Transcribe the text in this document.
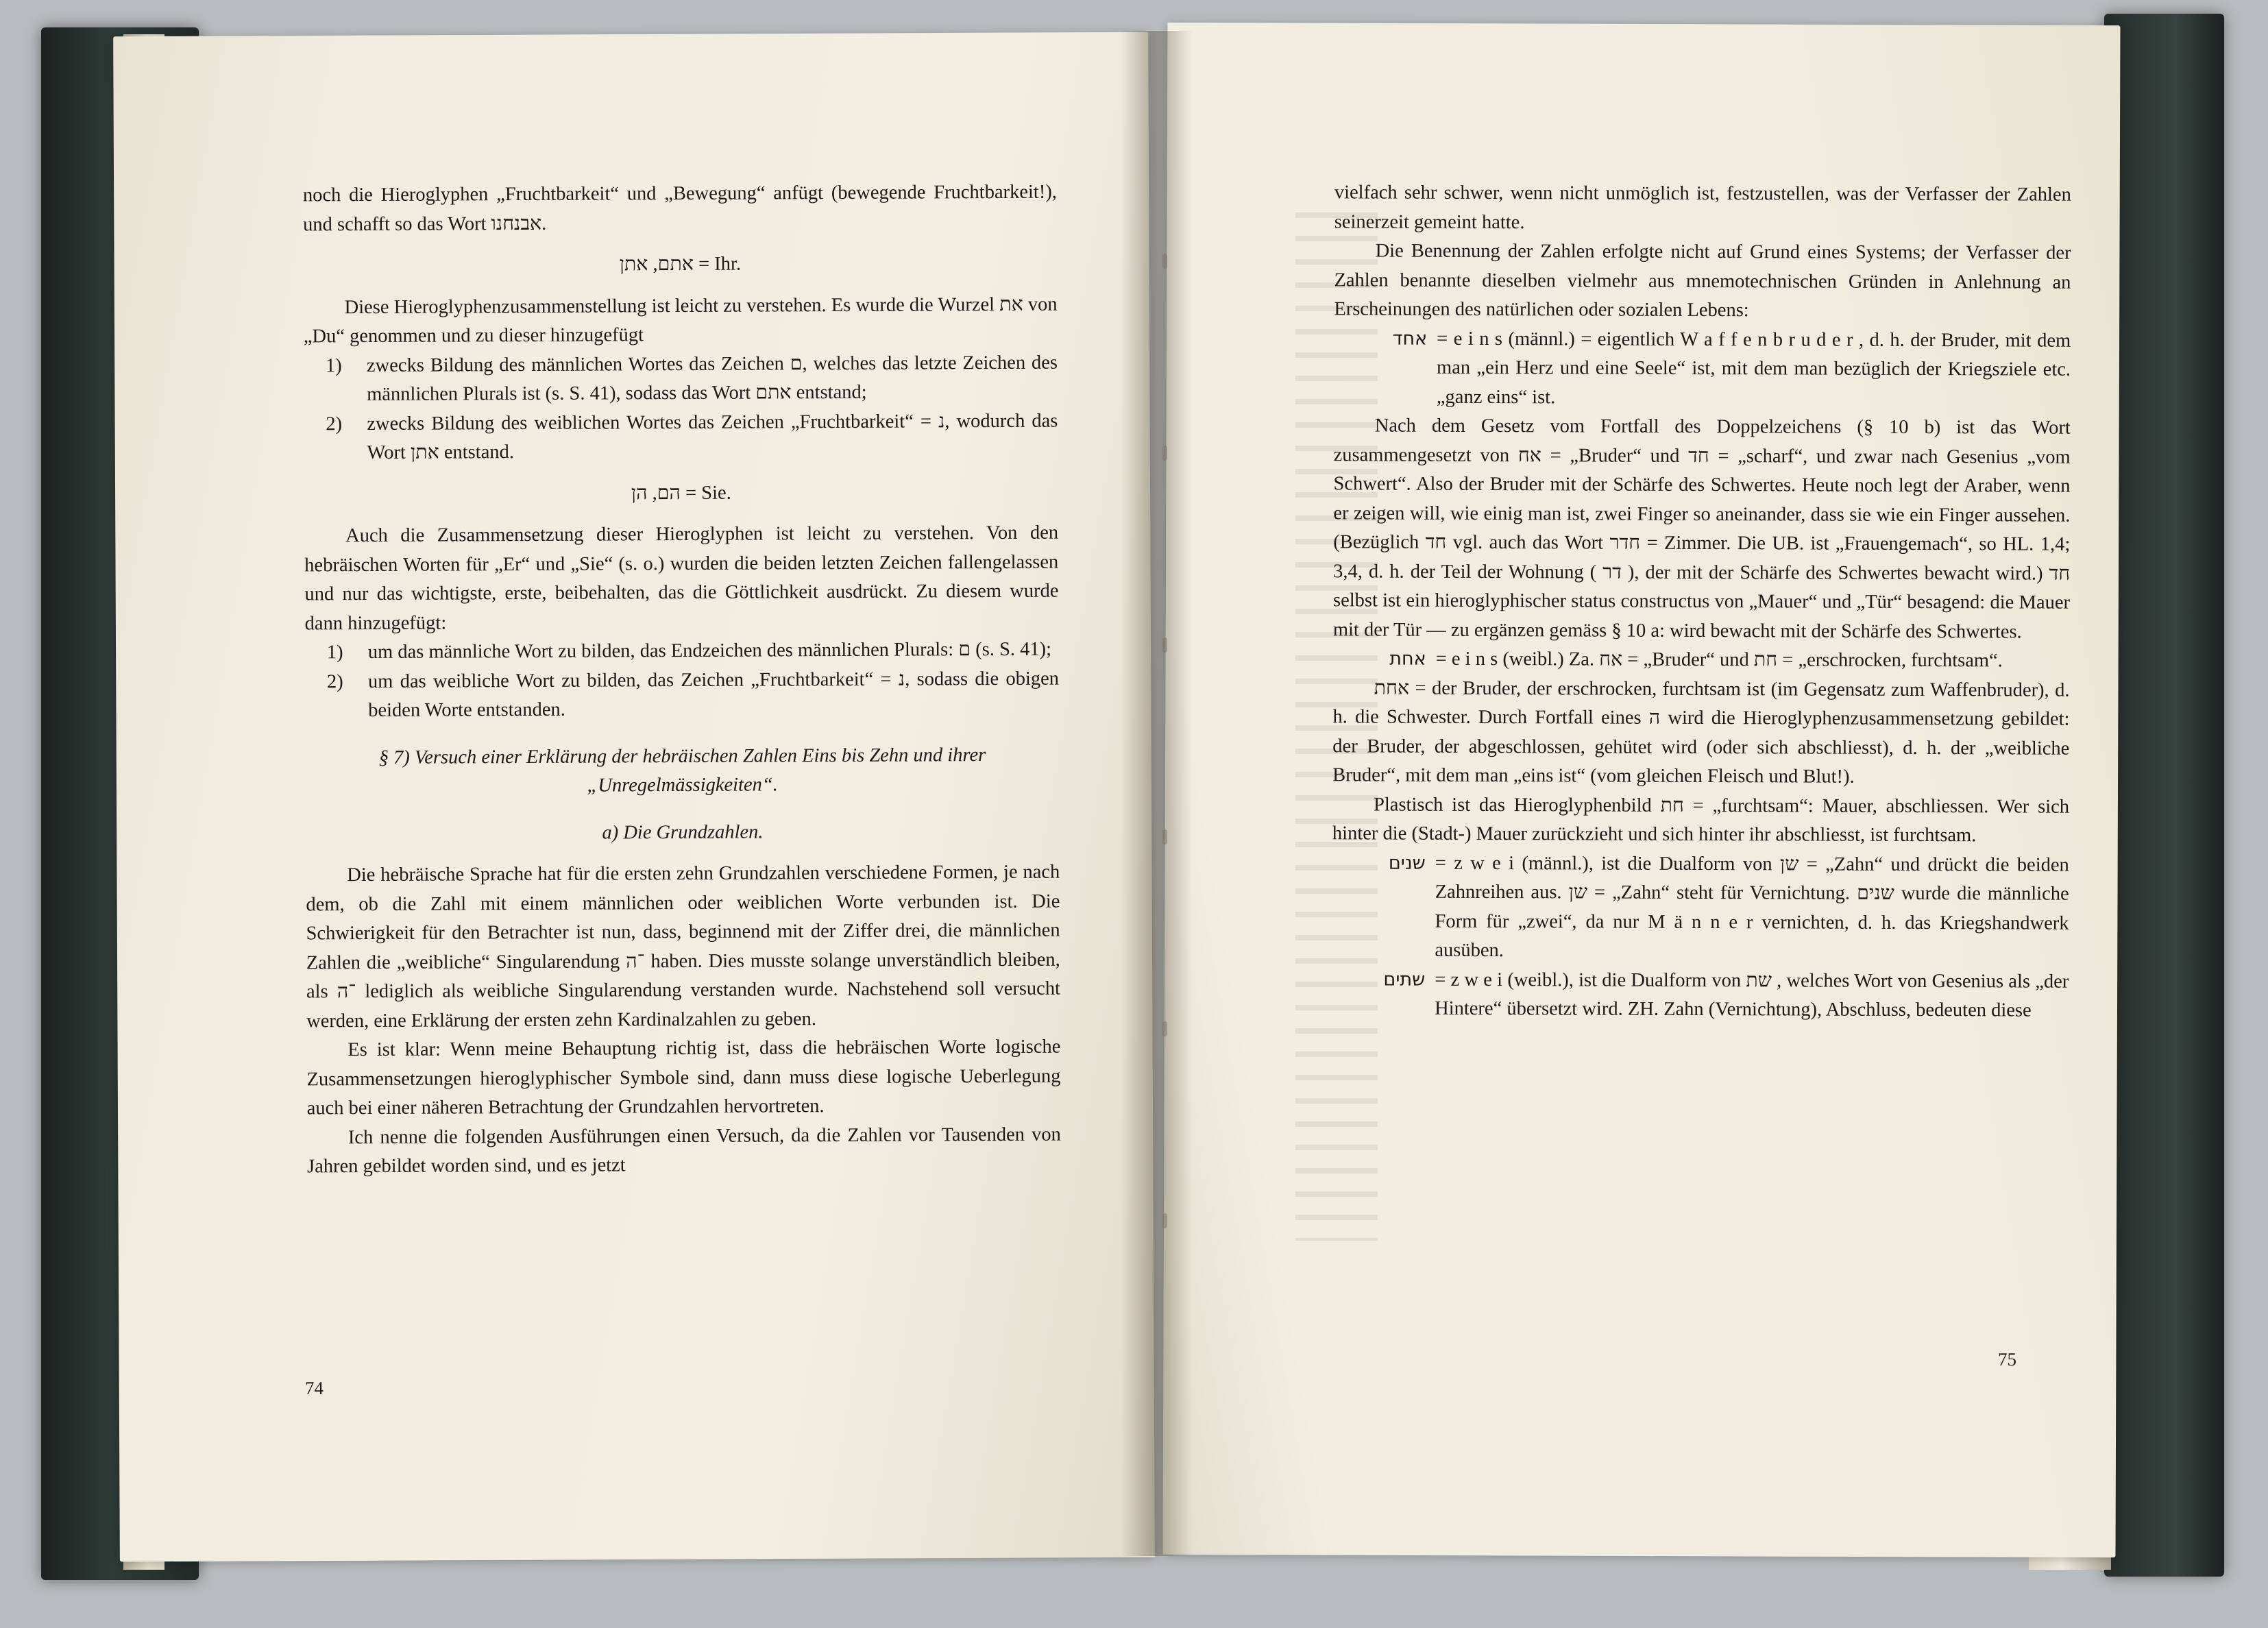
noch die Hieroglyphen „Fruchtbarkeit“ und „Bewegung“ anfügt (bewegende Fruchtbarkeit!), und schafft so das Wort אבנחנו.

אתם, אתן = Ihr.

Diese Hieroglyphenzusammenstellung ist leicht zu verstehen. Es wurde die Wurzel את von „Du“ genommen und zu dieser hinzugefügt

1)	zwecks Bildung des männlichen Wortes das Zeichen ם, welches das letzte Zeichen des männlichen Plurals ist (s. S. 41), sodass das Wort אתם entstand;
2)	zwecks Bildung des weiblichen Wortes das Zeichen „Fruchtbarkeit“ = נ, wodurch das Wort אתן entstand.

הם, הן = Sie.

Auch die Zusammensetzung dieser Hieroglyphen ist leicht zu verstehen. Von den hebräischen Worten für „Er“ und „Sie“ (s. o.) wurden die beiden letzten Zeichen fallengelassen und nur das wichtigste, erste, beibehalten, das die Göttlichkeit ausdrückt. Zu diesem wurde dann hinzugefügt:

1)	um das männliche Wort zu bilden, das Endzeichen des männlichen Plurals: ם (s. S. 41);
2)	um das weibliche Wort zu bilden, das Zeichen „Fruchtbarkeit“ = נ, sodass die obigen beiden Worte entstanden.

§ 7) Versuch einer Erklärung der hebräischen Zahlen Eins bis Zehn und ihrer „Unregelmässigkeiten“.

a) Die Grundzahlen.

Die hebräische Sprache hat für die ersten zehn Grundzahlen verschiedene Formen, je nach dem, ob die Zahl mit einem männlichen oder weiblichen Worte verbunden ist. Die Schwierigkeit für den Betrachter ist nun, dass, beginnend mit der Ziffer drei, die männlichen Zahlen die „weibliche“ Singularendung ־ה haben. Dies musste solange unverständlich bleiben, als ־ה lediglich als weibliche Singularendung verstanden wurde. Nachstehend soll versucht werden, eine Erklärung der ersten zehn Kardinalzahlen zu geben.

Es ist klar: Wenn meine Behauptung richtig ist, dass die hebräischen Worte logische Zusammensetzungen hieroglyphischer Symbole sind, dann muss diese logische Ueberlegung auch bei einer näheren Betrachtung der Grundzahlen hervortreten.

Ich nenne die folgenden Ausführungen einen Versuch, da die Zahlen vor Tausenden von Jahren gebildet worden sind, und es jetzt

74

vielfach sehr schwer, wenn nicht unmöglich ist, festzustellen, was der Verfasser der Zahlen seinerzeit gemeint hatte.

Die Benennung der Zahlen erfolgte nicht auf Grund eines Systems; der Verfasser der Zahlen benannte dieselben vielmehr aus mnemotechnischen Gründen in Anlehnung an Erscheinungen des natürlichen oder sozialen Lebens:

אחד = e i n s (männl.) = eigentlich W a f f e n b r u d e r , d. h. der Bruder, mit dem man „ein Herz und eine Seele“ ist, mit dem man bezüglich der Kriegsziele etc. „ganz eins“ ist.

Nach dem Gesetz vom Fortfall des Doppelzeichens (§ 10 b) ist das Wort zusammengesetzt von אח = „Bruder“ und חד = „scharf“, und zwar nach Gesenius „vom Schwert“. Also der Bruder mit der Schärfe des Schwertes. Heute noch legt der Araber, wenn er zeigen will, wie einig man ist, zwei Finger so aneinander, dass sie wie ein Finger aussehen. (Bezüglich חד vgl. auch das Wort חדר = Zimmer. Die UB. ist „Frauengemach“, so HL. 1,4; 3,4, d. h. der Teil der Wohnung ( דר ), der mit der Schärfe des Schwertes bewacht wird.) חד selbst ist ein hieroglyphischer status constructus von „Mauer“ und „Tür“ besagend: die Mauer mit der Tür — zu ergänzen gemäss § 10 a: wird bewacht mit der Schärfe des Schwertes.

אחת = e i n s (weibl.) Za. אח = „Bruder“ und חת = „erschrocken, furchtsam“.

אחת = der Bruder, der erschrocken, furchtsam ist (im Gegensatz zum Waffenbruder), d. h. die Schwester. Durch Fortfall eines ה wird die Hieroglyphenzusammensetzung gebildet: der Bruder, der abgeschlossen, gehütet wird (oder sich abschliesst), d. h. der „weibliche Bruder“, mit dem man „eins ist“ (vom gleichen Fleisch und Blut!).

Plastisch ist das Hieroglyphenbild חת = „furchtsam“: Mauer, abschliessen. Wer sich hinter die (Stadt-) Mauer zurückzieht und sich hinter ihr abschliesst, ist furchtsam.

שנים = z w e i (männl.), ist die Dualform von שן = „Zahn“ und drückt die beiden Zahnreihen aus. שן = „Zahn“ steht für Vernichtung. שנים wurde die männliche Form für „zwei“, da nur M ä n n e r vernichten, d. h. das Kriegshandwerk ausüben.
שתים = z w e i (weibl.), ist die Dualform von שת , welches Wort von Gesenius als „der Hintere“ übersetzt wird. ZH. Zahn (Vernichtung), Abschluss, bedeuten diese
75
